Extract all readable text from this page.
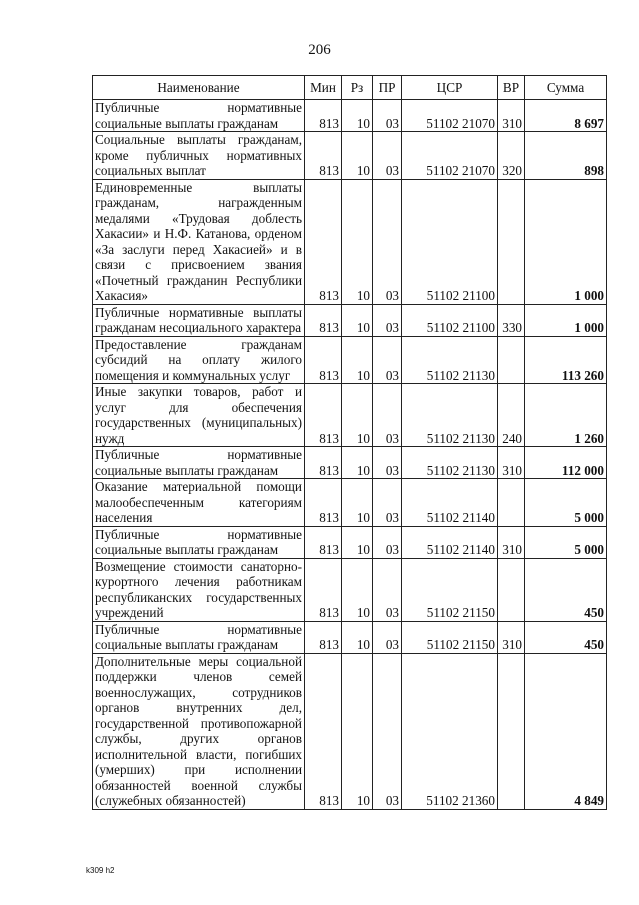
206
Наименование	Мин	Рз	ПР	ЦСР	ВР	Сумма
Публичные нормативные социальные выплаты гражданам	813	10	03	51102 21070	310	8 697
Социальные выплаты гражданам, кроме публичных нормативных социальных выплат	813	10	03	51102 21070	320	898
Единовременные выплаты гражданам, награжденным медалями «Трудовая доблесть Хакасии» и Н.Ф. Катанова, орденом «За заслуги перед Хакасией» и в связи с присвоением звания «Почетный гражданин Республики Хакасия»	813	10	03	51102 21100		1 000
Публичные нормативные выплаты гражданам несоциального характера	813	10	03	51102 21100	330	1 000
Предоставление гражданам субсидий на оплату жилого помещения и коммунальных услуг	813	10	03	51102 21130		113 260
Иные закупки товаров, работ и услуг для обеспечения государственных (муниципальных) нужд	813	10	03	51102 21130	240	1 260
Публичные нормативные социальные выплаты гражданам	813	10	03	51102 21130	310	112 000
Оказание материальной помощи малообеспеченным категориям населения	813	10	03	51102 21140		5 000
Публичные нормативные социальные выплаты гражданам	813	10	03	51102 21140	310	5 000
Возмещение стоимости санаторно-курортного лечения работникам республиканских государственных учреждений	813	10	03	51102 21150		450
Публичные нормативные социальные выплаты гражданам	813	10	03	51102 21150	310	450
Дополнительные меры социальной поддержки членов семей военнослужащих, сотрудников органов внутренних дел, государственной противопожарной службы, других органов исполнительной власти, погибших (умерших) при исполнении обязанностей военной службы (служебных обязанностей)	813	10	03	51102 21360		4 849
k309 h2
